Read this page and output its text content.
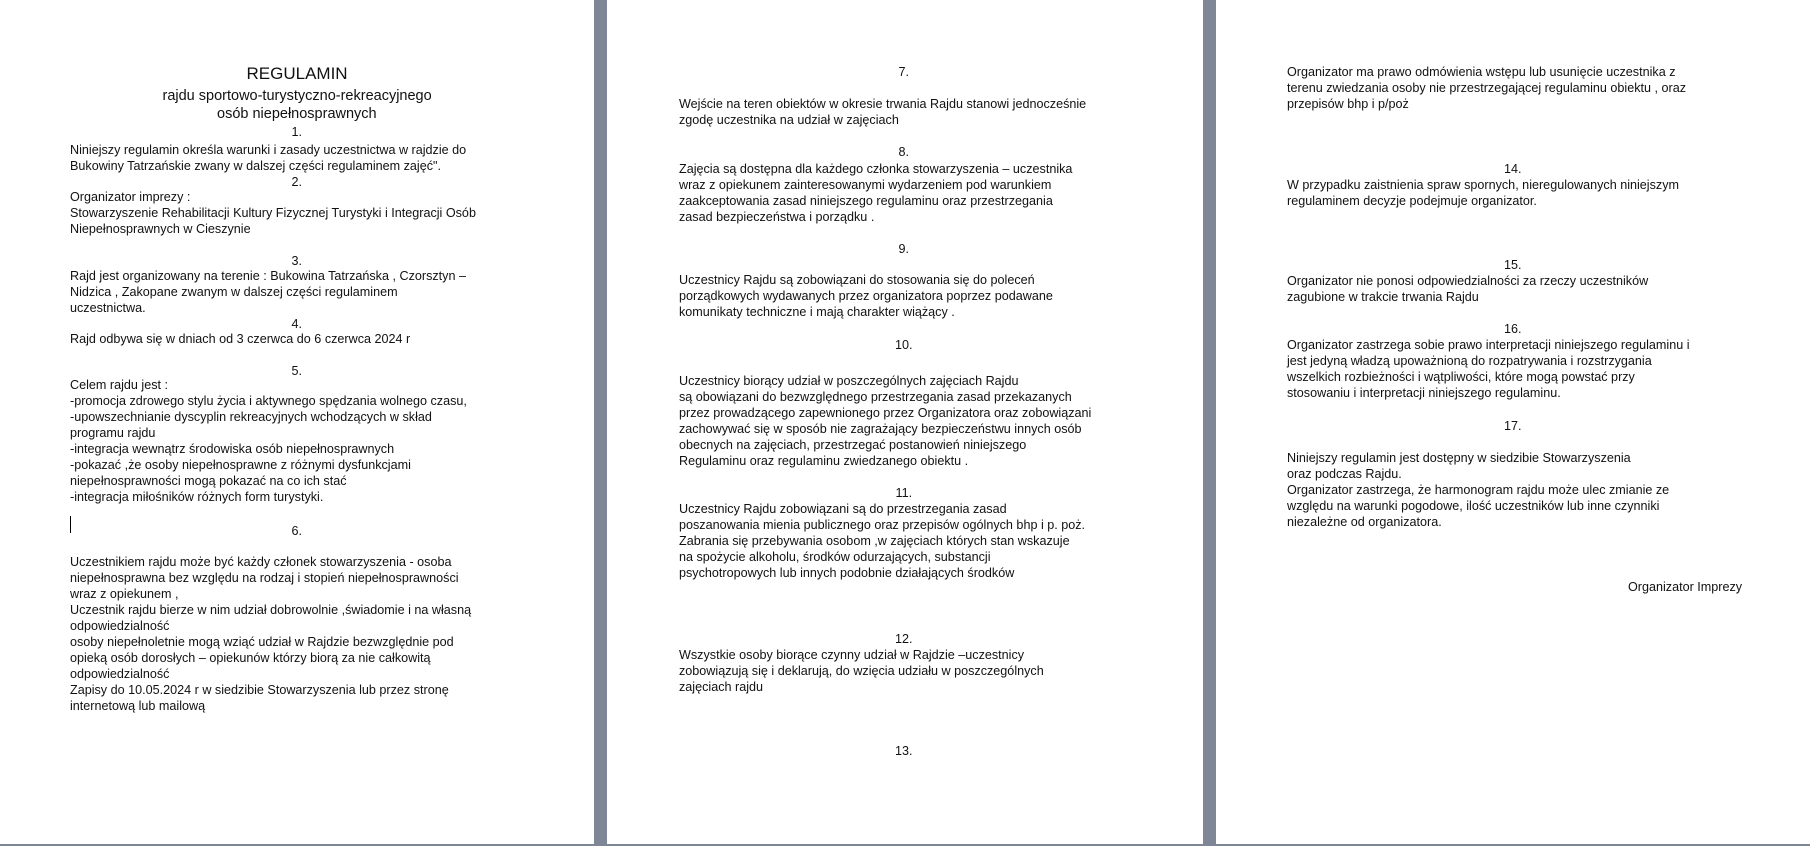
REGULAMIN
rajdu sportowo-turystyczno-rekreacyjnego
osób niepełnosprawnych
1.
Niniejszy regulamin określa warunki i zasady uczestnictwa w rajdzie do
Bukowiny Tatrzańskie zwany w dalszej części regulaminem zajęć".
2.
Organizator imprezy :
Stowarzyszenie Rehabilitacji Kultury Fizycznej Turystyki i Integracji Osób
Niepełnosprawnych w Cieszynie
3.
Rajd jest organizowany na terenie : Bukowina Tatrzańska , Czorsztyn –
Nidzica , Zakopane zwanym w dalszej części regulaminem
uczestnictwa.
4.
Rajd odbywa się w dniach od 3 czerwca do 6 czerwca 2024 r
5.
Celem rajdu jest :
-promocja zdrowego stylu życia i aktywnego spędzania wolnego czasu,
-upowszechnianie dyscyplin rekreacyjnych wchodzących w skład
programu rajdu
-integracja wewnątrz środowiska osób niepełnosprawnych
-pokazać ,że osoby niepełnosprawne z różnymi dysfunkcjami
niepełnosprawności mogą pokazać na co ich stać
-integracja miłośników różnych form turystyki.
6.
Uczestnikiem rajdu może być każdy członek stowarzyszenia - osoba
niepełnosprawna bez względu na rodzaj i stopień niepełnosprawności
wraz z opiekunem ,
Uczestnik rajdu bierze w nim udział dobrowolnie ,świadomie i na własną
odpowiedzialność
osoby niepełnoletnie mogą wziąć udział w Rajdzie bezwzględnie pod
opieką osób dorosłych – opiekunów którzy biorą za nie całkowitą
odpowiedzialność
Zapisy do 10.05.2024 r w siedzibie Stowarzyszenia lub przez stronę
internetową lub mailową
7.
Wejście na teren obiektów w okresie trwania Rajdu stanowi jednocześnie
zgodę uczestnika na udział w zajęciach
8.
Zajęcia są dostępna dla każdego członka stowarzyszenia – uczestnika
wraz z opiekunem zainteresowanymi wydarzeniem pod warunkiem
zaakceptowania zasad niniejszego regulaminu oraz przestrzegania
zasad bezpieczeństwa i porządku .
9.
Uczestnicy Rajdu są zobowiązani do stosowania się do poleceń
porządkowych wydawanych przez organizatora poprzez podawane
komunikaty techniczne i mają charakter wiążący .
10.
Uczestnicy biorący udział w poszczególnych zajęciach Rajdu
są obowiązani do bezwzględnego przestrzegania zasad przekazanych
przez prowadzącego zapewnionego przez Organizatora oraz zobowiązani
zachowywać się w sposób nie zagrażający bezpieczeństwu innych osób
obecnych na zajęciach, przestrzegać postanowień niniejszego
Regulaminu oraz regulaminu zwiedzanego obiektu .
11.
Uczestnicy Rajdu zobowiązani są do przestrzegania zasad
poszanowania mienia publicznego oraz przepisów ogólnych bhp i p. poż.
Zabrania się przebywania osobom ,w zajęciach których stan wskazuje
na spożycie alkoholu, środków odurzających, substancji
psychotropowych lub innych podobnie działających środków
12.
Wszystkie osoby biorące czynny udział w Rajdzie –uczestnicy
zobowiązują się i deklarują, do wzięcia udziału w poszczególnych
zajęciach rajdu
13.
Organizator ma prawo odmówienia wstępu lub usunięcie uczestnika z
terenu zwiedzania osoby nie przestrzegającej regulaminu obiektu , oraz
przepisów bhp i p/poż
14.
W przypadku zaistnienia spraw spornych, nieregulowanych niniejszym
regulaminem decyzje podejmuje organizator.
15.
Organizator nie ponosi odpowiedzialności za rzeczy uczestników
zagubione w trakcie trwania Rajdu
16.
Organizator zastrzega sobie prawo interpretacji niniejszego regulaminu i
jest jedyną władzą upoważnioną do rozpatrywania i rozstrzygania
wszelkich rozbieżności i wątpliwości, które mogą powstać przy
stosowaniu i interpretacji niniejszego regulaminu.
17.
Niniejszy regulamin jest dostępny w siedzibie Stowarzyszenia
oraz podczas Rajdu.
Organizator zastrzega, że harmonogram rajdu może ulec zmianie ze
względu na warunki pogodowe, ilość uczestników lub inne czynniki
niezależne od organizatora.
Organizator Imprezy
